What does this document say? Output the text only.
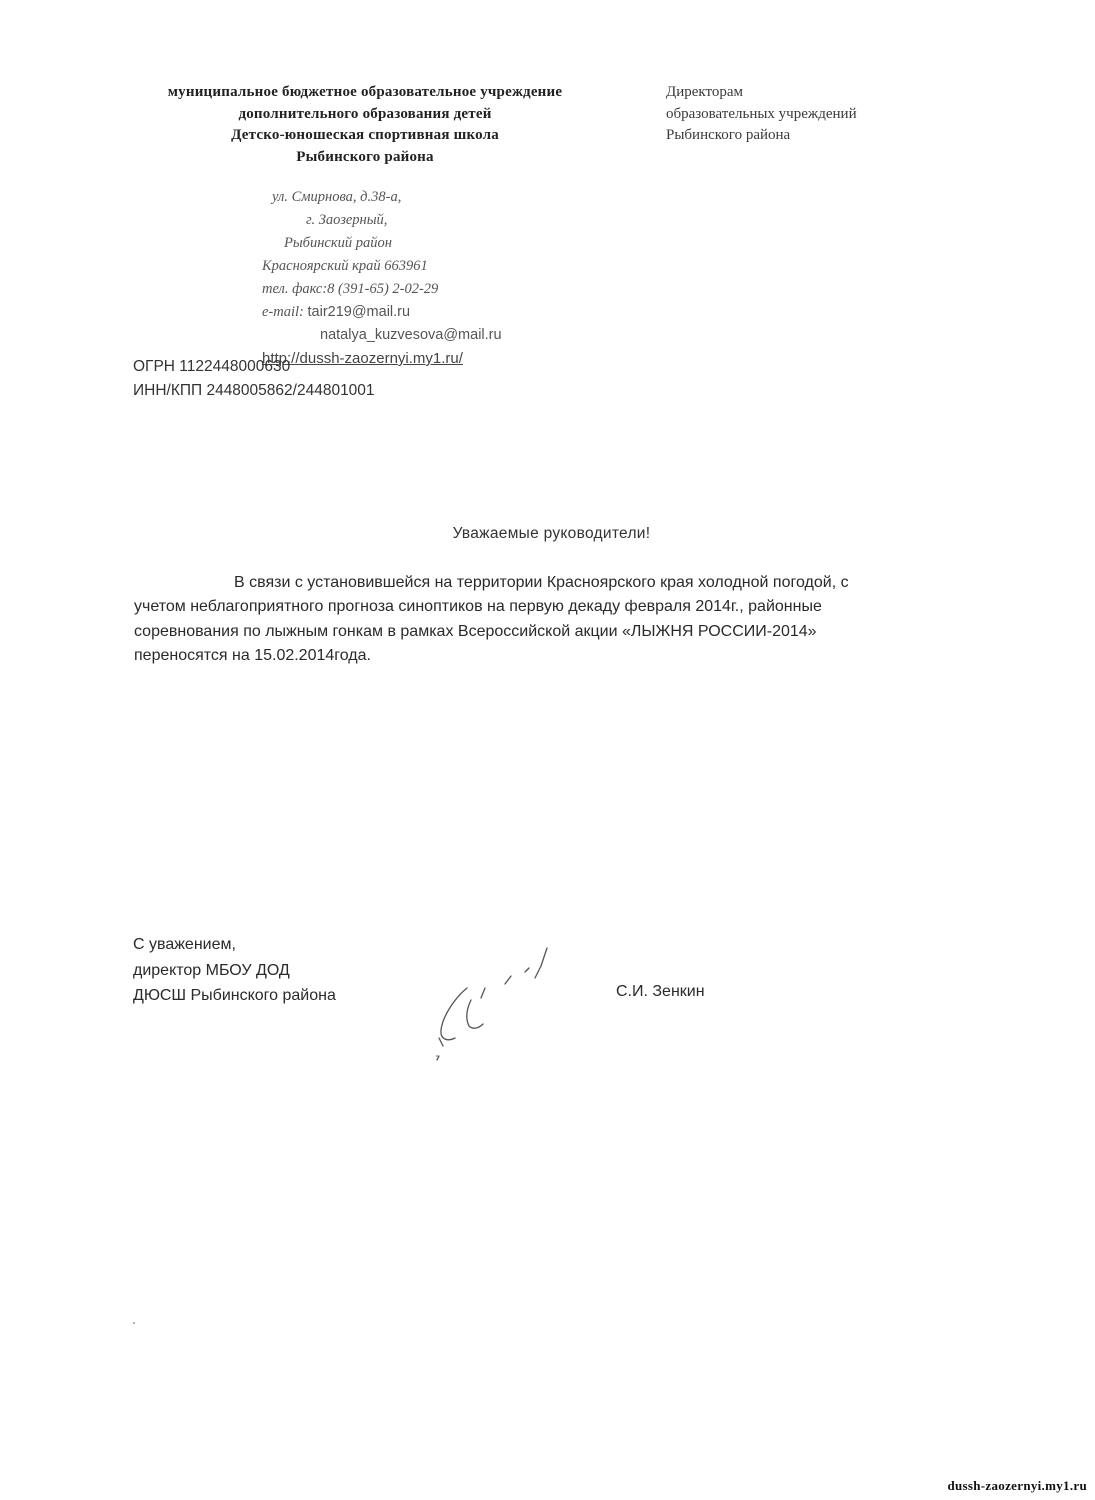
муниципальное бюджетное образовательное учреждение
дополнительного образования детей
Детско-юношеская спортивная школа
Рыбинского района
Директорам
образовательных учреждений
Рыбинского района
ул. Смирнова, д.38-а,
г. Заозерный,
Рыбинский район
Красноярский край 663961
тел. факс:8 (391-65) 2-02-29
e-mail: tair219@mail.ru
natalya_kuzvesova@mail.ru
http://dussh-zaozernyi.my1.ru/
ОГРН 1122448000630
ИНН/КПП 2448005862/244801001
Уважаемые руководители!
В связи с установившейся на территории Красноярского края холодной погодой, с
учетом неблагоприятного прогноза синоптиков на первую декаду февраля 2014г., районные
соревнования по лыжным гонкам в рамках Всероссийской акции «ЛЫЖНЯ РОССИИ-2014»
переносятся на 15.02.2014года.
С уважением,
директор МБОУ ДОД
ДЮСШ Рыбинского района	С.И. Зенкин
dussh-zaozernyi.my1.ru
